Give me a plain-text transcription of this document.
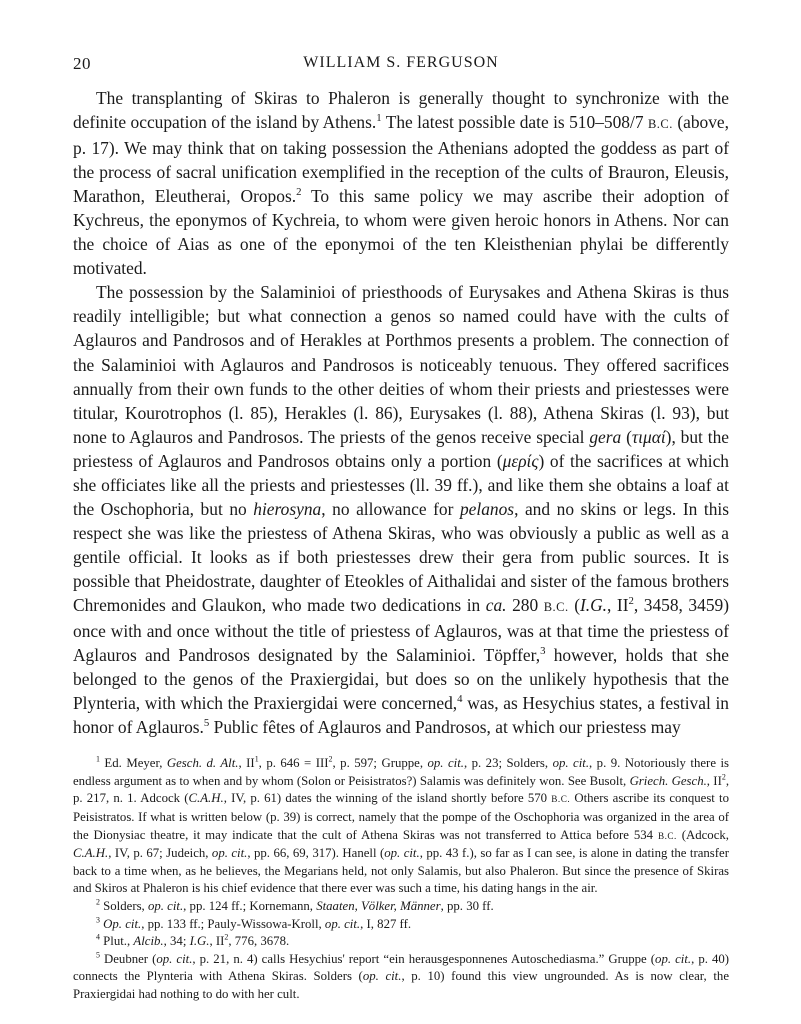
20	WILLIAM S. FERGUSON

The transplanting of Skiras to Phaleron is generally thought to synchronize with the definite occupation of the island by Athens.$^1$ The latest possible date is 510–508/7 B.C. (above, p. 17). We may think that on taking possession the Athenians adopted the goddess as part of the process of sacral unification exemplified in the reception of the cults of Brauron, Eleusis, Marathon, Eleutherai, Oropos.$^2$ To this same policy we may ascribe their adoption of Kychreus, the eponymos of Kychreia, to whom were given heroic honors in Athens. Nor can the choice of Aias as one of the eponymoi of the ten Kleisthenian phylai be differently motivated.

The possession by the Salaminioi of priesthoods of Eurysakes and Athena Skiras is thus readily intelligible; but what connection a genos so named could have with the cults of Aglauros and Pandrosos and of Herakles at Porthmos presents a problem. The connection of the Salaminioi with Aglauros and Pandrosos is noticeably tenuous. They offered sacrifices annually from their own funds to the other deities of whom their priests and priestesses were titular, Kourotrophos (l. 85), Herakles (l. 86), Eurysakes (l. 88), Athena Skiras (l. 93), but none to Aglauros and Pandrosos. The priests of the genos receive special gera (τιμαί), but the priestess of Aglauros and Pandrosos obtains only a portion (μερίς) of the sacrifices at which she officiates like all the priests and priestesses (ll. 39 ff.), and like them she obtains a loaf at the Oschophoria, but no hierosyna, no allowance for pelanos, and no skins or legs. In this respect she was like the priestess of Athena Skiras, who was obviously a public as well as a gentile official. It looks as if both priestesses drew their gera from public sources. It is possible that Pheidostrate, daughter of Eteokles of Aithalidai and sister of the famous brothers Chremonides and Glaukon, who made two dedications in ca. 280 B.C. (I.G., $II^2$, 3458, 3459) once with and once without the title of priestess of Aglauros, was at that time the priestess of Aglauros and Pandrosos designated by the Salaminioi. Töpffer,$^3$ however, holds that she belonged to the genos of the Praxiergidai, but does so on the unlikely hypothesis that the Plynteria, with which the Praxiergidai were concerned,$^4$ was, as Hesychius states, a festival in honor of Aglauros.$^5$ Public fêtes of Aglauros and Pandrosos, at which our priestess may

$^1$ Ed. Meyer, Gesch. d. Alt., $II^1$, p. $646 = III^2$, p. 597; Gruppe, op. cit., p. 23; Solders, op. cit., p. 9. Notoriously there is endless argument as to when and by whom (Solon or Peisistratos?) Salamis was definitely won. See Busolt, Griech. Gesch., $II^2$, p. 217, n. 1. Adcock (C.A.H., IV, p. 61) dates the winning of the island shortly before 570 B.C. Others ascribe its conquest to Peisistratos. If what is written below (p. 39) is correct, namely that the pompe of the Oschophoria was organized in the area of the Dionysiac theatre, it may indicate that the cult of Athena Skiras was not transferred to Attica before 534 B.C. (Adcock, C.A.H., IV, p. 67; Judeich, op. cit., pp. 66, 69, 317). Hanell (op. cit., pp. 43 f.), so far as I can see, is alone in dating the transfer back to a time when, as he believes, the Megarians held, not only Salamis, but also Phaleron. But since the presence of Skiras and Skiros at Phaleron is his chief evidence that there ever was such a time, his dating hangs in the air.

$^2$ Solders, op. cit., pp. 124 ff.; Kornemann, Staaten, Völker, Männer, pp. 30 ff.

$^3$ Op. cit., pp. 133 ff.; Pauly-Wissowa-Kroll, op. cit., I, 827 ff.

$^4$ Plut., Alcib., 34; I.G., $II^2$, 776, 3678.

$^5$ Deubner (op. cit., p. 21, n. 4) calls Hesychius' report “ein herausgesponnenes Autoschediasma.” Gruppe (op. cit., p. 40) connects the Plynteria with Athena Skiras. Solders (op. cit., p. 10) found this view ungrounded. As is now clear, the Praxiergidai had nothing to do with her cult.
